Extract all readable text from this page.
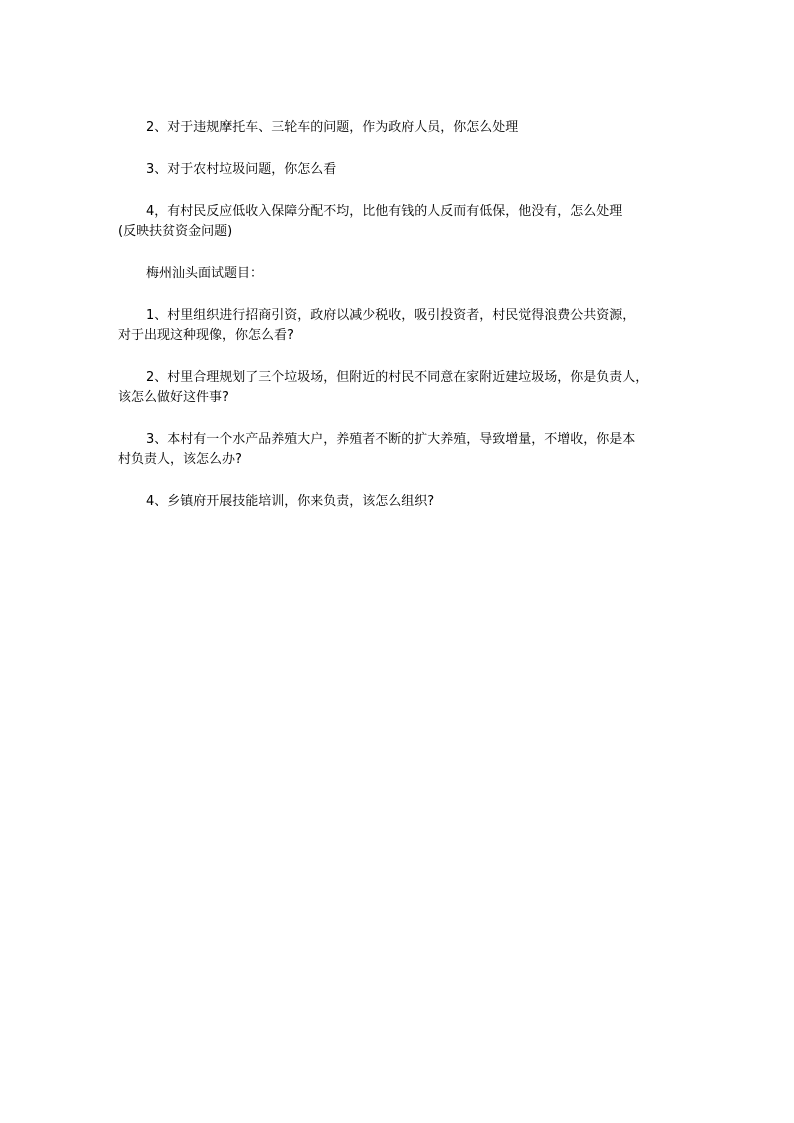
2、对于违规摩托车、三轮车的问题，作为政府人员，你怎么处理
3、对于农村垃圾问题，你怎么看
4，有村民反应低收入保障分配不均，比他有钱的人反而有低保，他没有，怎么处理
(反映扶贫资金问题)
梅州汕头面试题目：
1、村里组织进行招商引资，政府以减少税收，吸引投资者，村民觉得浪费公共资源，
对于出现这种现像，你怎么看?
2、村里合理规划了三个垃圾场，但附近的村民不同意在家附近建垃圾场，你是负责人，
该怎么做好这件事?
3、本村有一个水产品养殖大户，养殖者不断的扩大养殖，导致增量，不增收，你是本
村负责人，该怎么办?
4、乡镇府开展技能培训，你来负责，该怎么组织?
